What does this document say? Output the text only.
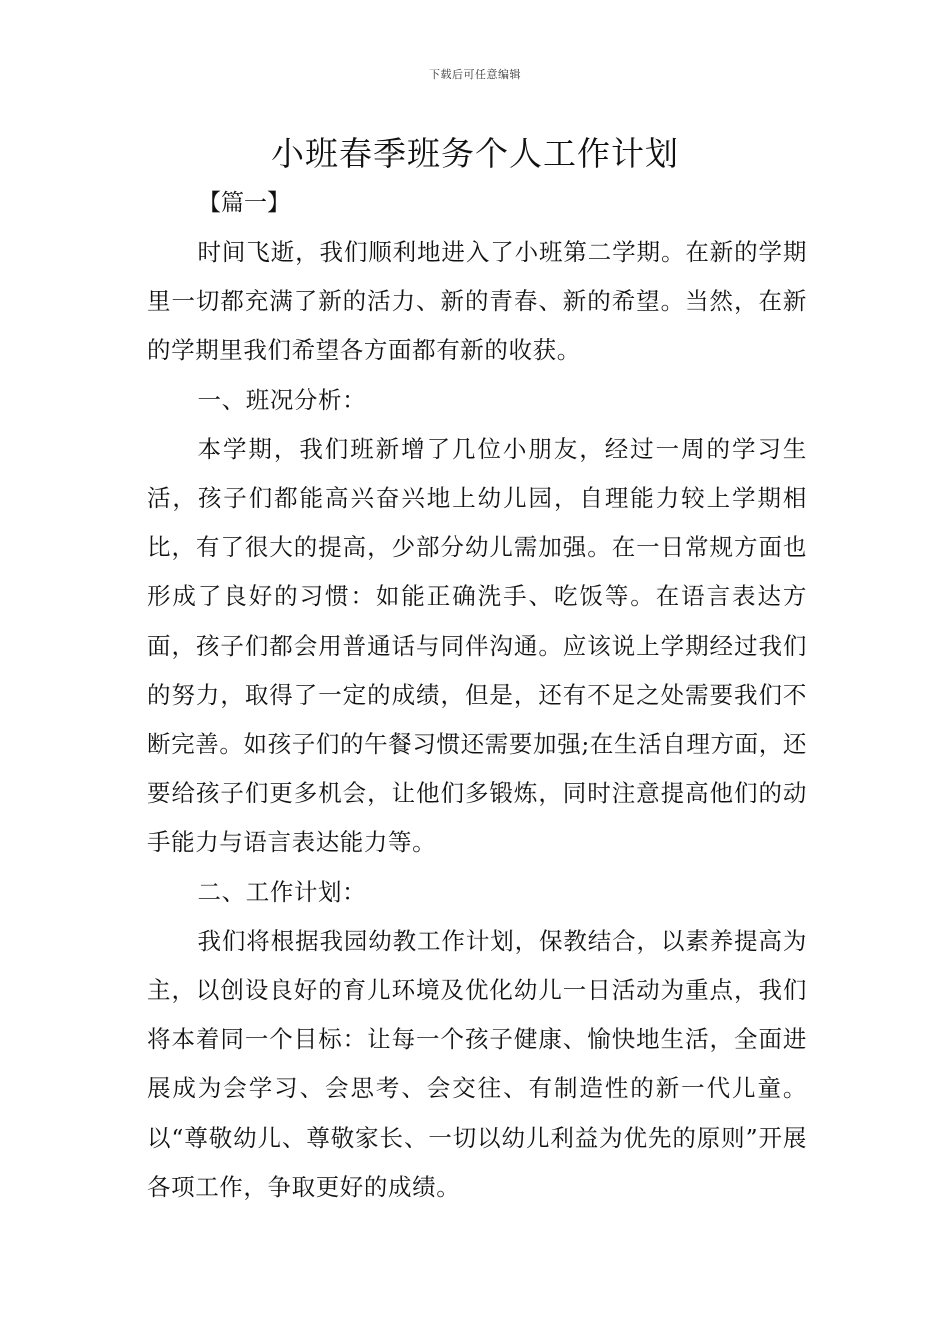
下载后可任意编辑
小班春季班务个人工作计划
【篇一】

时间飞逝，我们顺利地进入了小班第二学期。在新的学期里一切都充满了新的活力、新的青春、新的希望。当然，在新的学期里我们希望各方面都有新的收获。

一、班况分析：

本学期，我们班新增了几位小朋友，经过一周的学习生活，孩子们都能高兴奋兴地上幼儿园，自理能力较上学期相比，有了很大的提高，少部分幼儿需加强。在一日常规方面也形成了良好的习惯：如能正确洗手、吃饭等。在语言表达方面，孩子们都会用普通话与同伴沟通。应该说上学期经过我们的努力，取得了一定的成绩，但是，还有不足之处需要我们不断完善。如孩子们的午餐习惯还需要加强;在生活自理方面，还要给孩子们更多机会，让他们多锻炼，同时注意提高他们的动手能力与语言表达能力等。

二、工作计划：

我们将根据我园幼教工作计划，保教结合，以素养提高为主，以创设良好的育儿环境及优化幼儿一日活动为重点，我们将本着同一个目标：让每一个孩子健康、愉快地生活，全面进展成为会学习、会思考、会交往、有制造性的新一代儿童。以“尊敬幼儿、尊敬家长、一切以幼儿利益为优先的原则”开展各项工作，争取更好的成绩。
